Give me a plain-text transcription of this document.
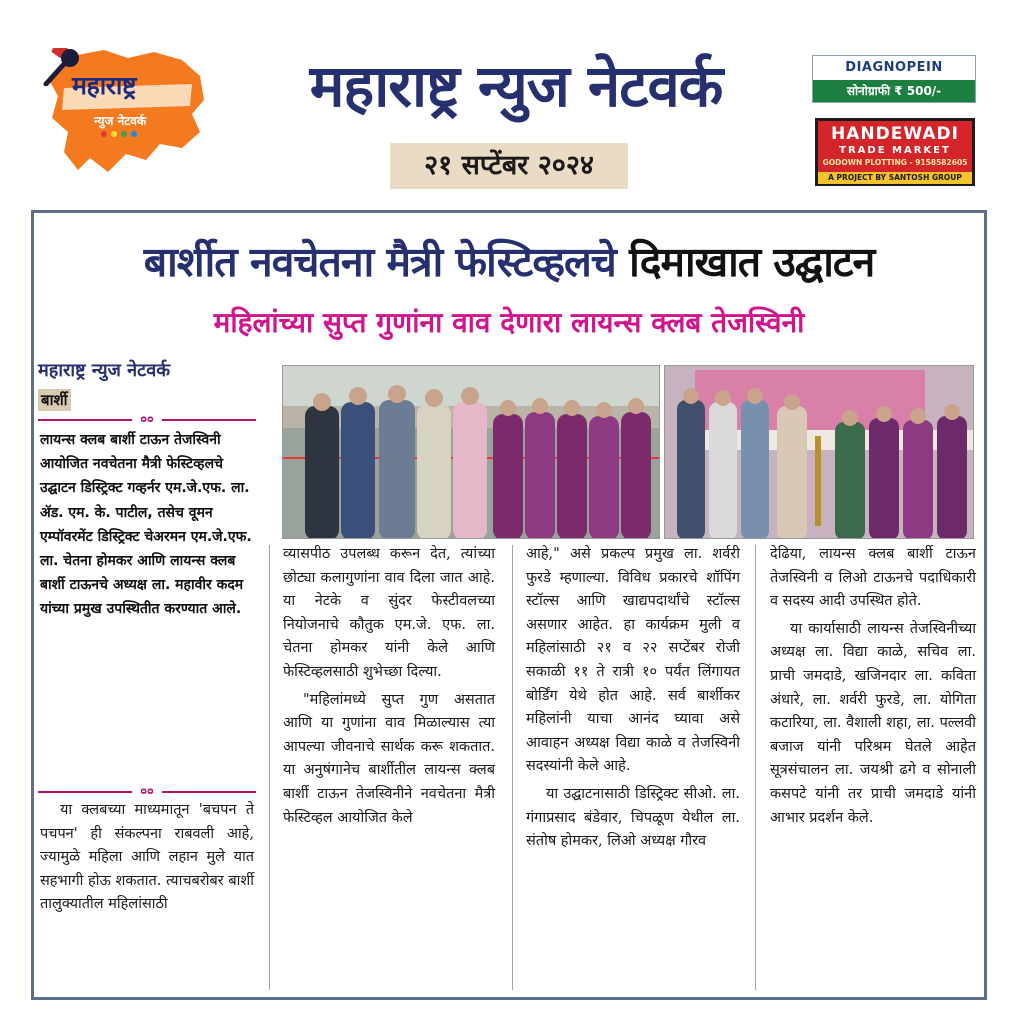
महाराष्ट्र
न्युज नेटवर्क
महाराष्ट्र न्युज नेटवर्क
२१ सप्टेंबर २०२४
DIAGNOPEIN
सोनोग्राफी ₹ 500/-
HANDEWADI
TRADE MARKET
GODOWN PLOTTING - 9158582605
A PROJECT BY SANTOSH GROUP
बार्शीत नवचेतना मैत्री फेस्टिव्हलचे दिमाखात उद्घाटन
महिलांच्या सुप्त गुणांना वाव देणारा लायन्स क्लब तेजस्विनी
महाराष्ट्र न्युज नेटवर्क
बार्शी
ᴑᴑ
लायन्स क्लब बार्शी टाऊन तेजस्विनी आयोजित नवचेतना मैत्री फेस्टिव्हलचे उद्घाटन डिस्ट्रिक्ट गव्हर्नर एम.जे.एफ. ला. ॲड. एम. के. पाटील, तसेच वूमन एम्पॉवरमेंट डिस्ट्रिक्ट चेअरमन एम.जे.एफ. ला. चेतना होमकर आणि लायन्स क्लब बार्शी टाऊनचे अध्यक्ष ला. महावीर कदम यांच्या प्रमुख उपस्थितीत करण्यात आले.
ᴑᴑ

या क्लबच्या माध्यमातून 'बचपन ते पचपन' ही संकल्पना राबवली आहे, ज्यामुळे महिला आणि लहान मुले यात सहभागी होऊ शकतात. त्याचबरोबर बार्शी तालुक्यातील महिलांसाठी

व्यासपीठ उपलब्ध करून देत, त्यांच्या छोट्या कलागुणांना वाव दिला जात आहे. या नेटके व सुंदर फेस्टीवलच्या नियोजनाचे कौतुक एम.जे. एफ. ला. चेतना होमकर यांनी केले आणि फेस्टिव्हलसाठी शुभेच्छा दिल्या.

"महिलांमध्ये सुप्त गुण असतात आणि या गुणांना वाव मिळाल्यास त्या आपल्या जीवनाचे सार्थक करू शकतात. या अनुषंगानेच बार्शीतील लायन्स क्लब बार्शी टाऊन तेजस्विनीने नवचेतना मैत्री फेस्टिव्हल आयोजित केले

आहे," असे प्रकल्प प्रमुख ला. शर्वरी फुरडे म्हणाल्या. विविध प्रकारचे शॉपिंग स्टॉल्स आणि खाद्यपदार्थांचे स्टॉल्स असणार आहेत. हा कार्यक्रम मुली व महिलांसाठी २१ व २२ सप्टेंबर रोजी सकाळी ११ ते रात्री १० पर्यंत लिंगायत बोर्डिंग येथे होत आहे. सर्व बार्शीकर महिलांनी याचा आनंद घ्यावा असे आवाहन अध्यक्ष विद्या काळे व तेजस्विनी सदस्यांनी केले आहे.

या उद्घाटनासाठी डिस्ट्रिक्ट सीओ. ला. गंगाप्रसाद बंडेवार, चिपळूण येथील ला. संतोष होमकर, लिओ अध्यक्ष गौरव

देढिया, लायन्स क्लब बार्शी टाऊन तेजस्विनी व लिओ टाऊनचे पदाधिकारी व सदस्य आदी उपस्थित होते.

या कार्यासाठी लायन्स तेजस्विनीच्या अध्यक्ष ला. विद्या काळे, सचिव ला. प्राची जमदाडे, खजिनदार ला. कविता अंधारे, ला. शर्वरी फुरडे, ला. योगिता कटारिया, ला. वैशाली शहा, ला. पल्लवी बजाज यांनी परिश्रम घेतले आहेत सूत्रसंचालन ला. जयश्री ढगे व सोनाली कसपटे यांनी तर प्राची जमदाडे यांनी आभार प्रदर्शन केले.
